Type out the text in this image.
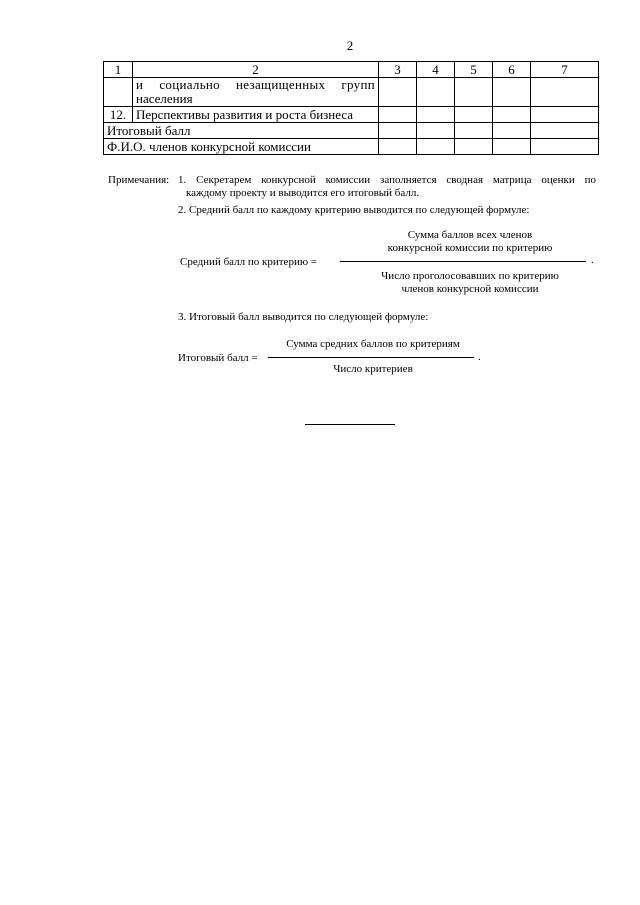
2
1	2	3	4	5	6	7

	и социально незащищенных групп
населения					

12.	Перспективы развития и роста бизнеса					
Итоговый балл						
Ф.И.О. членов конкурсной комиссии						
Примечания: 1. Секретарем конкурсной комиссии заполняется сводная матрица оценки по
каждому проекту и выводится его итоговый балл.
2. Средний балл по каждому критерию выводится по следующей формуле:
Средний балл по критерию =
Сумма баллов всех членов
конкурсной комиссии по критерию
.
Число проголосовавших по критерию
членов конкурсной комиссии
3. Итоговый балл выводится по следующей формуле:
Итоговый балл =
Сумма средних баллов по критериям
.
Число критериев
